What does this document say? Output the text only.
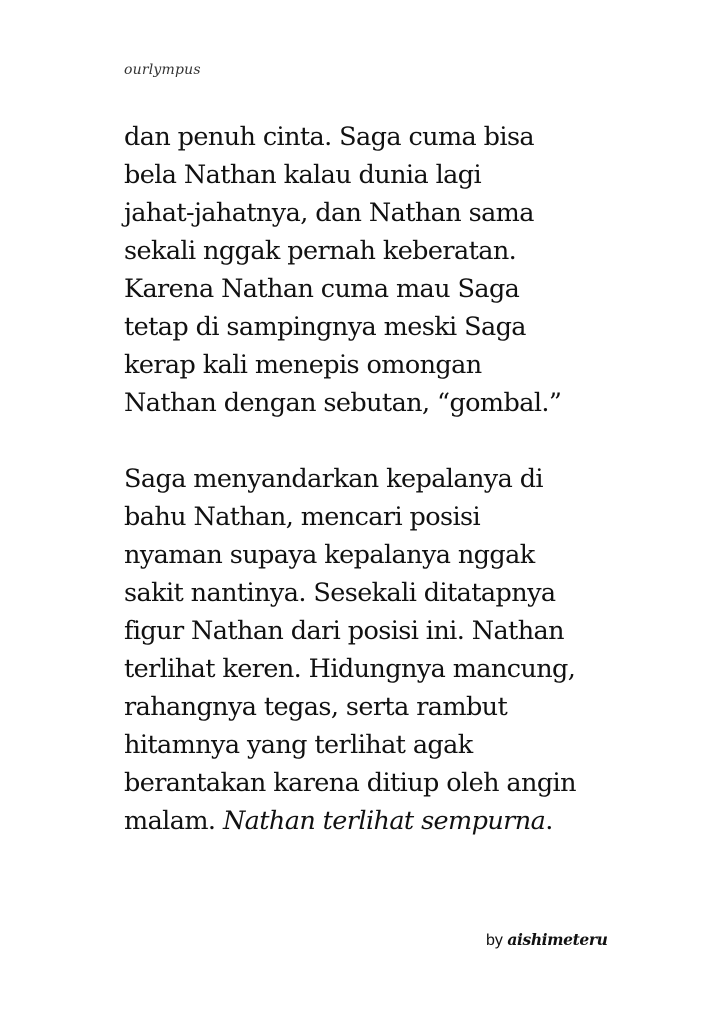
ourlympus
dan penuh cinta. Saga cuma bisa
bela Nathan kalau dunia lagi
jahat-jahatnya, dan Nathan sama
sekali nggak pernah keberatan.
Karena Nathan cuma mau Saga
tetap di sampingnya meski Saga
kerap kali menepis omongan
Nathan dengan sebutan, “gombal.”
Saga menyandarkan kepalanya di
bahu Nathan, mencari posisi
nyaman supaya kepalanya nggak
sakit nantinya. Sesekali ditatapnya
figur Nathan dari posisi ini. Nathan
terlihat keren. Hidungnya mancung,
rahangnya tegas, serta rambut
hitamnya yang terlihat agak
berantakan karena ditiup oleh angin
malam. Nathan terlihat sempurna.
by aishimeteru
